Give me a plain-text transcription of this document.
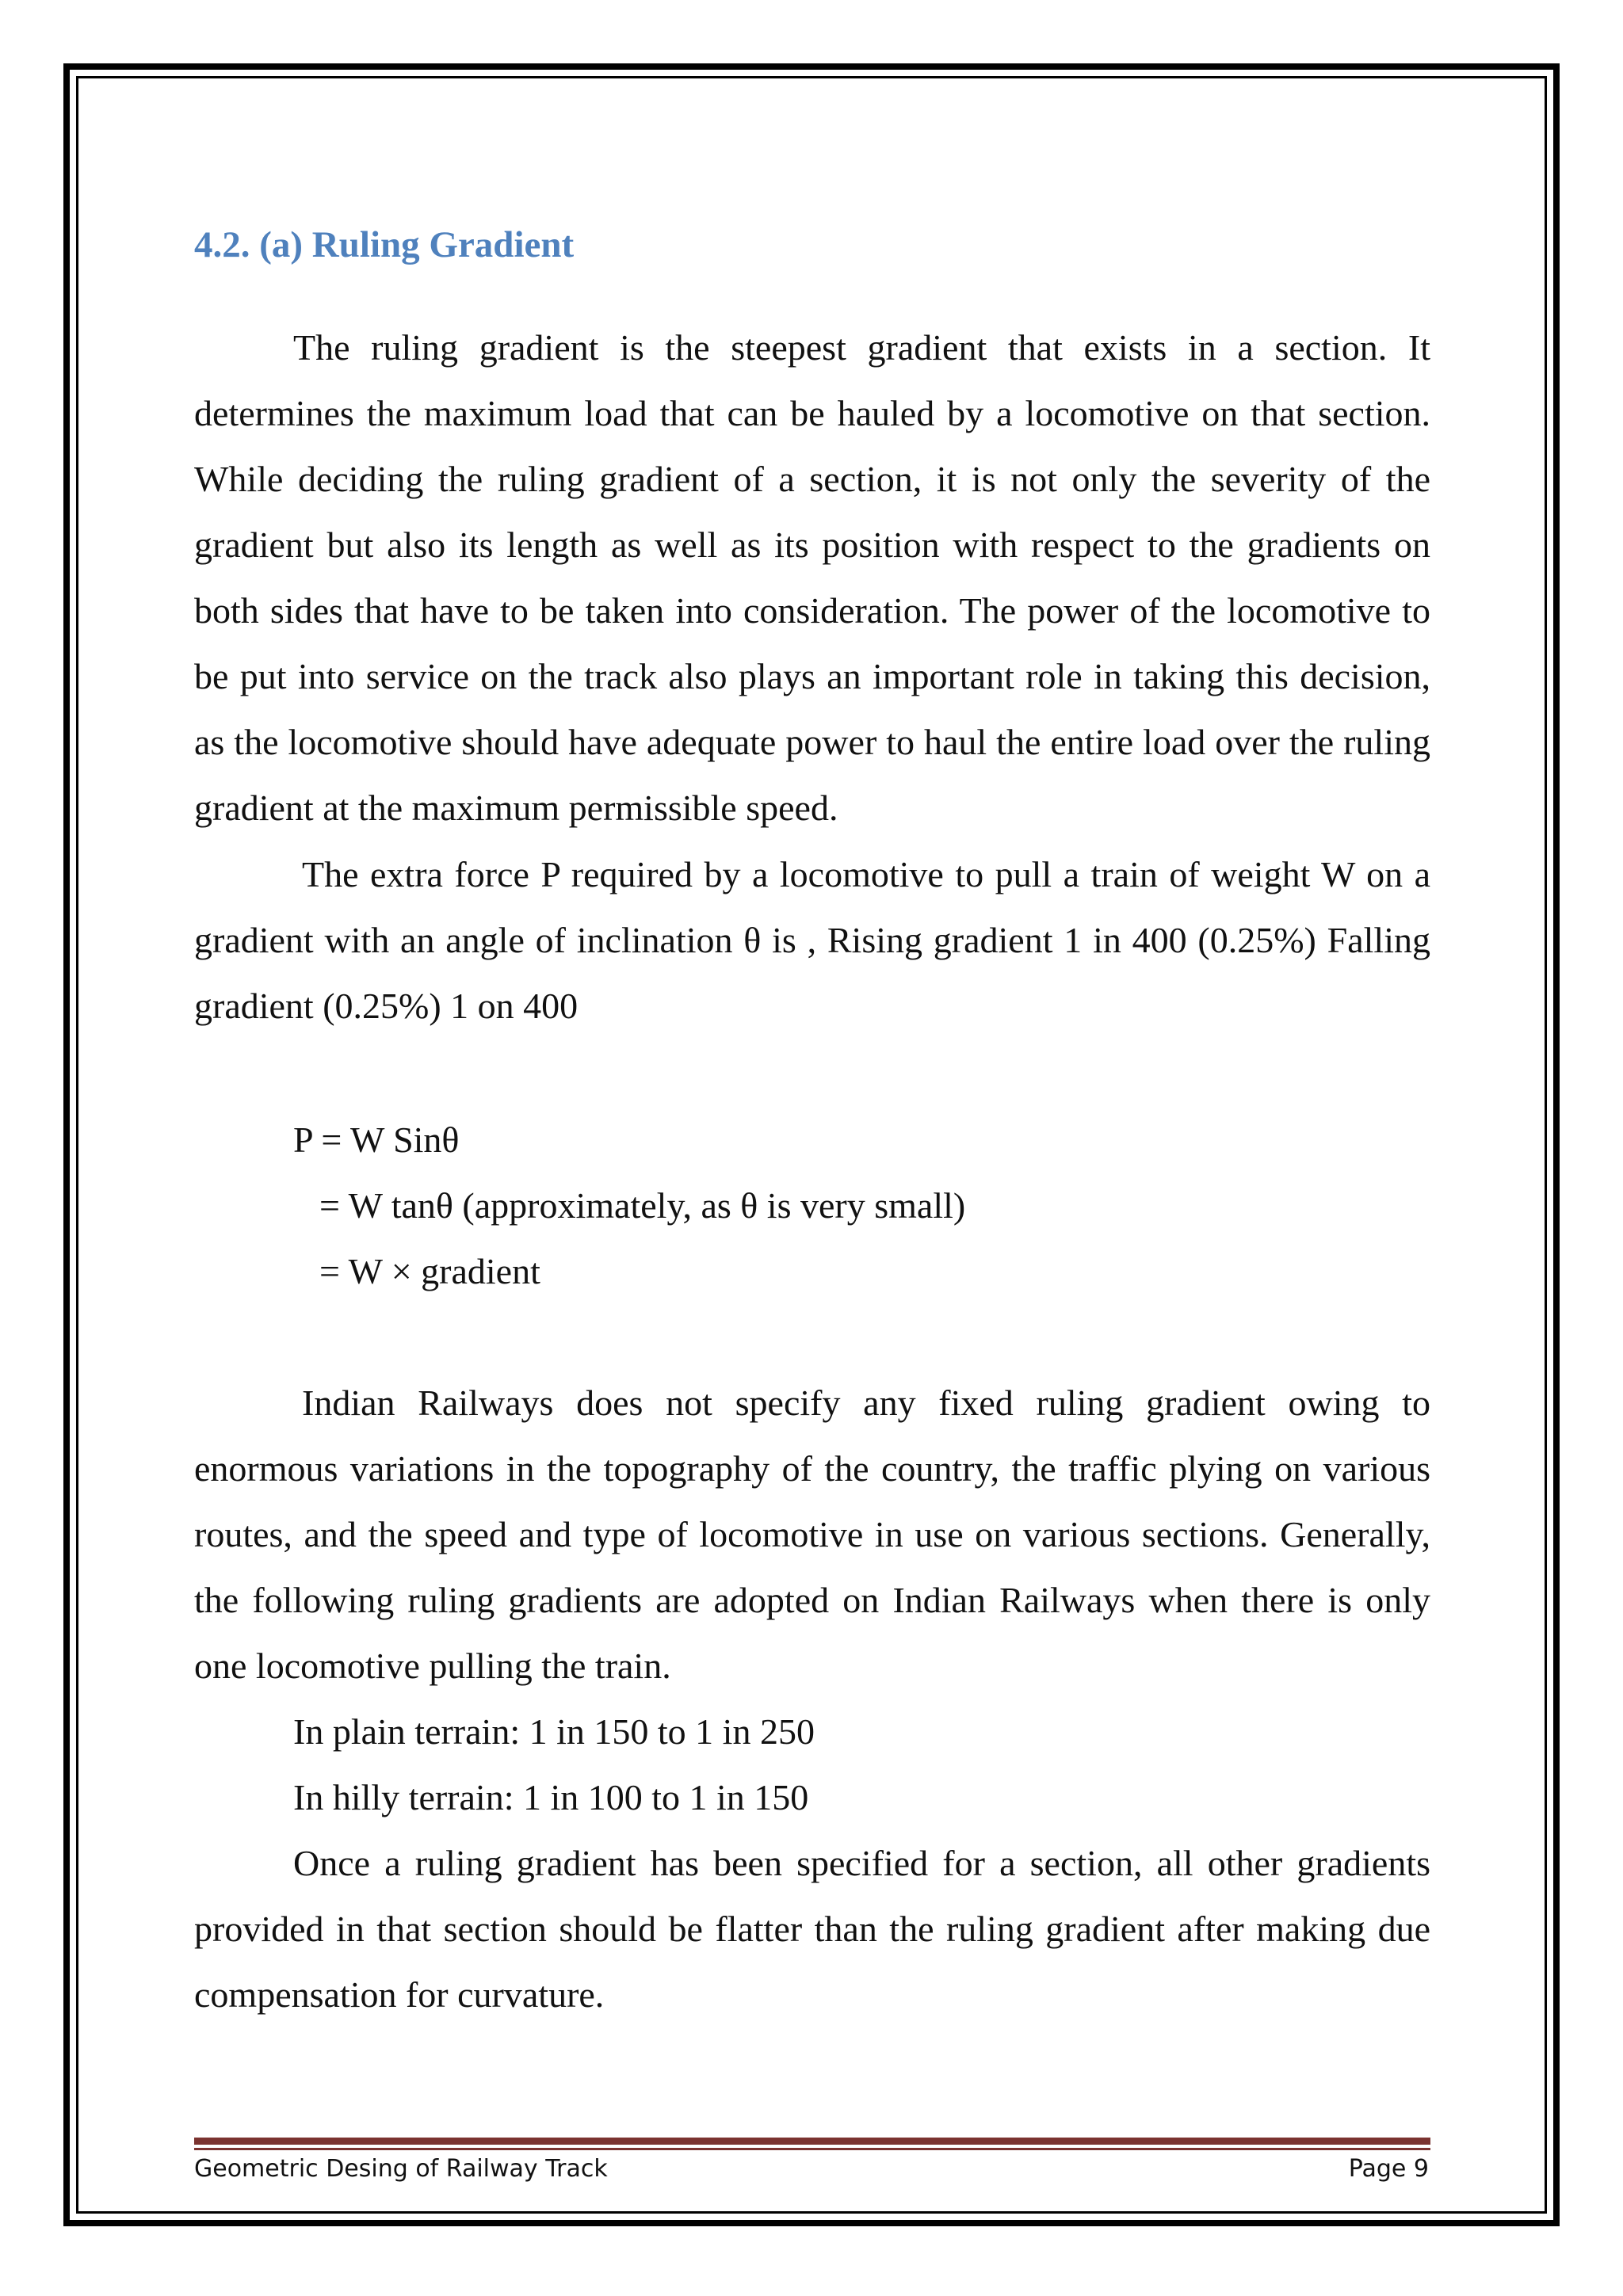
4.2. (a) Ruling Gradient
The ruling gradient is the steepest gradient that exists in a section. It determines the maximum load that can be hauled by a locomotive on that section. While deciding the ruling gradient of a section, it is not only the severity of the gradient but also its length as well as its position with respect to the gradients on both sides that have to be taken into consideration. The power of the locomotive to be put into service on the track also plays an important role in taking this decision, as the locomotive should have adequate power to haul the entire load over the ruling gradient at the maximum permissible speed.
The extra force P required by a locomotive to pull a train of weight W on a gradient with an angle of inclination θ is , Rising gradient 1 in 400 (0.25%) Falling gradient (0.25%) 1 on 400
P = W Sinθ
= W tanθ (approximately, as θ is very small)
= W × gradient
Indian Railways does not specify any fixed ruling gradient owing to enormous variations in the topography of the country, the traffic plying on various routes, and the speed and type of locomotive in use on various sections. Generally, the following ruling gradients are adopted on Indian Railways when there is only one locomotive pulling the train.
In plain terrain: 1 in 150 to 1 in 250
In hilly terrain: 1 in 100 to 1 in 150
Once a ruling gradient has been specified for a section, all other gradients provided in that section should be flatter than the ruling gradient after making due compensation for curvature.
Geometric Desing of Railway Track	Page 9
